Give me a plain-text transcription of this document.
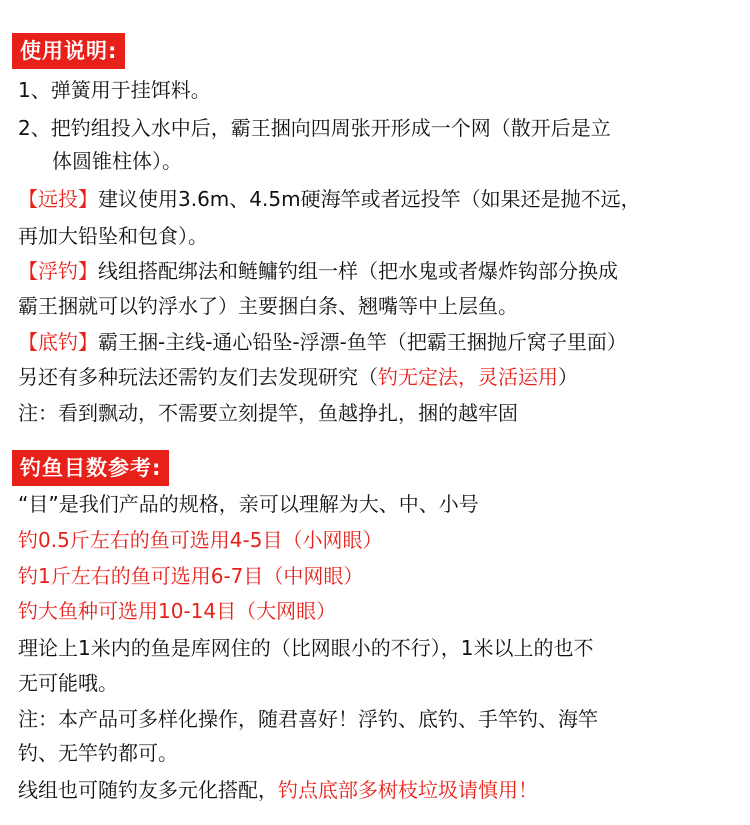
使用说明:
1、弹簧用于挂饵料。
2、把钓组投入水中后，霸王捆向四周张开形成一个网（散开后是立
体圆锥柱体）。
【远投】建议使用3.6m、4.5m硬海竿或者远投竿（如果还是抛不远，
再加大铅坠和包食）。
【浮钓】线组搭配绑法和鲢鳙钓组一样（把水鬼或者爆炸钩部分换成
霸王捆就可以钓浮水了）主要捆白条、翘嘴等中上层鱼。
【底钓】霸王捆-主线-通心铅坠-浮漂-鱼竿（把霸王捆抛斤窝子里面）
另还有多种玩法还需钓友们去发现研究（钓无定法，灵活运用）
注：看到飘动，不需要立刻提竿，鱼越挣扎，捆的越牢固
钓鱼目数参考:
“目”是我们产品的规格，亲可以理解为大、中、小号
钓0.5斤左右的鱼可选用4-5目（小网眼）
钓1斤左右的鱼可选用6-7目（中网眼）
钓大鱼种可选用10-14目（大网眼）
理论上1米内的鱼是库网住的（比网眼小的不行），1米以上的也不
无可能哦。
注：本产品可多样化操作，随君喜好！浮钓、底钓、手竿钓、海竿
钓、无竿钓都可。
线组也可随钓友多元化搭配，钓点底部多树枝垃圾请慎用！
